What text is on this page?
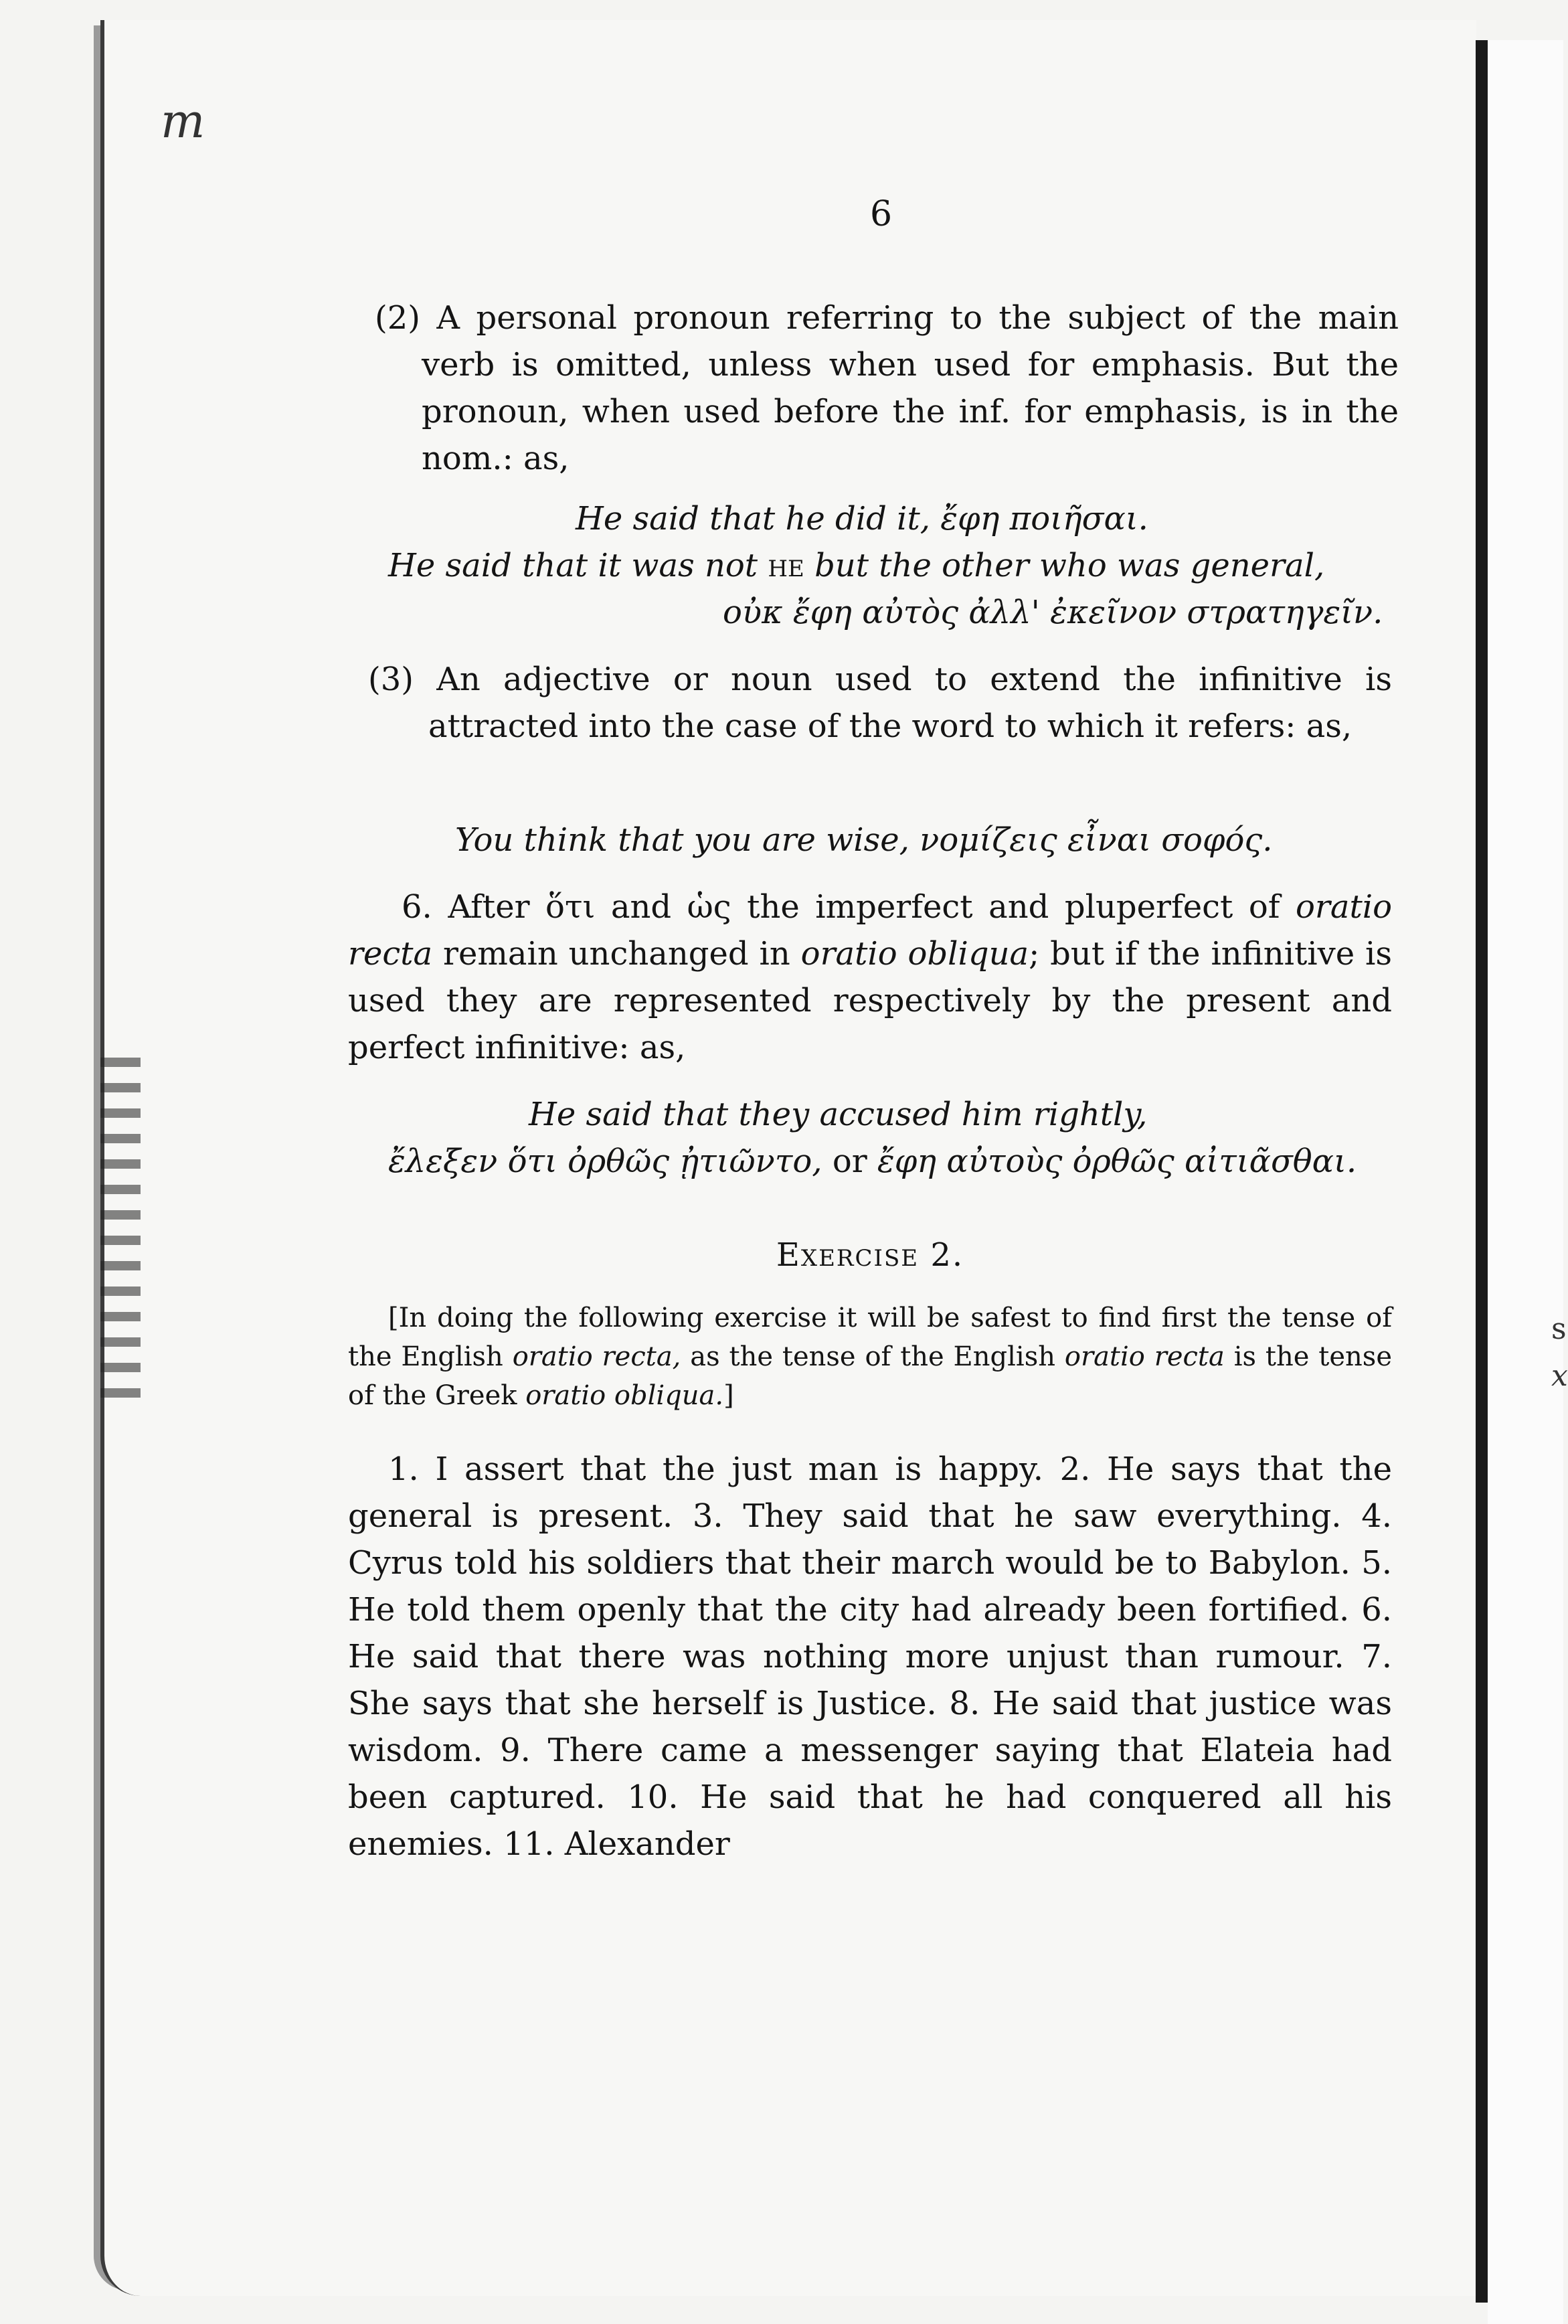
m
s
x
6
(2) A personal pronoun referring to the subject of the main verb is omitted, unless when used for emphasis. But the pronoun, when used before the inf. for emphasis, is in the nom.: as,
He said that he did it, ἔφη ποιῆσαι.
He said that it was not he but the other who was general,
οὐκ ἔφη αὐτὸς ἀλλ' ἐκεῖνον στρατηγεῖν.
(3) An adjective or noun used to extend the infinitive is attracted into the case of the word to which it refers: as,
You think that you are wise, νομίζεις εἶναι σοφός.
6. After ὅτι and ὡς the imperfect and pluperfect of oratio recta remain unchanged in oratio obliqua; but if the infinitive is used they are represented respectively by the present and perfect infinitive: as,
He said that they accused him rightly,
ἔλεξεν ὅτι ὀρθῶς ᾐτιῶντο, or ἔφη αὐτοὺς ὀρθῶς αἰτιᾶσθαι.
Exercise 2.
[In doing the following exercise it will be safest to find first the tense of the English oratio recta, as the tense of the English oratio recta is the tense of the Greek oratio obliqua.]
1. I assert that the just man is happy. 2. He says that the general is present. 3. They said that he saw everything. 4. Cyrus told his soldiers that their march would be to Babylon. 5. He told them openly that the city had already been fortified. 6. He said that there was nothing more unjust than rumour. 7. She says that she herself is Justice. 8. He said that justice was wisdom. 9. There came a messenger saying that Elateia had been captured. 10. He said that he had conquered all his enemies. 11. Alexander
